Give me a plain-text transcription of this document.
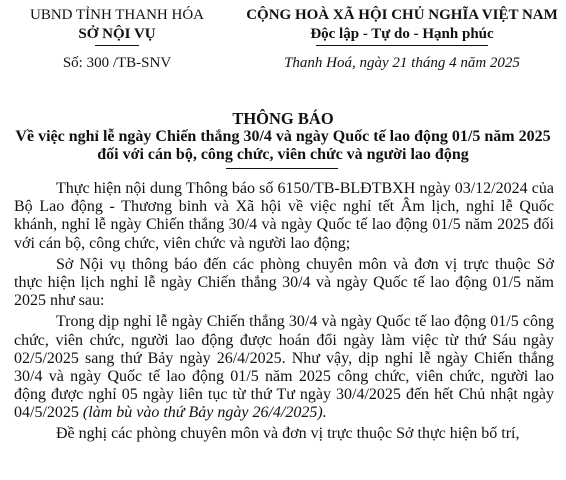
UBND TỈNH THANH HÓA
SỞ NỘI VỤ
Số: 300 /TB-SNV
CỘNG HOÀ XÃ HỘI CHỦ NGHĨA VIỆT NAM
Độc lập - Tự do - Hạnh phúc
Thanh Hoá, ngày 21 tháng 4 năm 2025
THÔNG BÁO
Về việc nghỉ lễ ngày Chiến thắng 30/4 và ngày Quốc tế lao động 01/5 năm 2025
đối với cán bộ, công chức, viên chức và người lao động

Thực hiện nội dung Thông báo số 6150/TB-BLĐTBXH ngày 03/12/2024 của Bộ Lao động - Thương binh và Xã hội về việc nghỉ tết Âm lịch, nghỉ lễ Quốc khánh, nghỉ lễ ngày Chiến thắng 30/4 và ngày Quốc tế lao động 01/5 năm 2025 đối với cán bộ, công chức, viên chức và người lao động;

Sở Nội vụ thông báo đến các phòng chuyên môn và đơn vị trực thuộc Sở thực hiện lịch nghỉ lễ ngày Chiến thắng 30/4 và ngày Quốc tế lao động 01/5 năm 2025 như sau:

Trong dịp nghỉ lễ ngày Chiến thắng 30/4 và ngày Quốc tế lao động 01/5 công chức, viên chức, người lao động được hoán đổi ngày làm việc từ thứ Sáu ngày 02/5/2025 sang thứ Bảy ngày 26/4/2025. Như vậy, dịp nghỉ lễ ngày Chiến thắng 30/4 và ngày Quốc tế lao động 01/5 năm 2025 công chức, viên chức, người lao động được nghỉ 05 ngày liên tục từ thứ Tư ngày 30/4/2025 đến hết Chủ nhật ngày 04/5/2025 (làm bù vào thứ Bảy ngày 26/4/2025).

Đề nghị các phòng chuyên môn và đơn vị trực thuộc Sở thực hiện bố trí,
